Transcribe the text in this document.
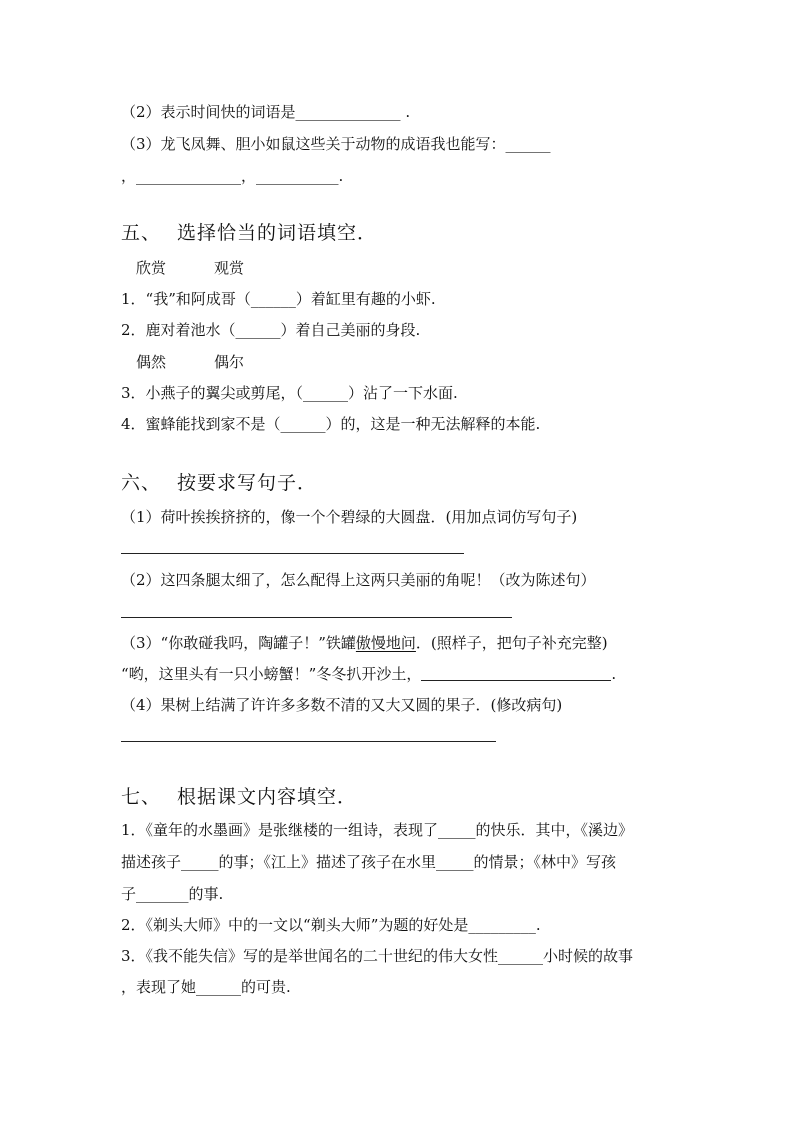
（2）表示时间快的词语是______________ .
（3）龙飞凤舞、胆小如鼠这些关于动物的成语我也能写：______
，______________，___________.
五、 选择恰当的词语填空．
欣赏	观赏
1．“我”和阿成哥（______）着缸里有趣的小虾.
2．鹿对着池水（______）着自己美丽的身段.
偶然	偶尔
3．小燕子的翼尖或剪尾，（______）沾了一下水面.
4．蜜蜂能找到家不是（______）的，这是一种无法解释的本能.
六、 按要求写句子．
（1）荷叶挨挨挤挤的，像一个个碧绿的大圆盘．(用加点词仿写句子)
（2）这四条腿太细了，怎么配得上这两只美丽的角呢！（改为陈述句）
（3）“你敢碰我吗，陶罐子！”铁罐傲慢地问．(照样子，把句子补充完整)
“哟，这里头有一只小螃蟹！”冬冬扒开沙土，	.
（4）果树上结满了许许多多数不清的又大又圆的果子．(修改病句)
七、 根据课文内容填空．
1．《童年的水墨画》是张继楼的一组诗，表现了_____的快乐．其中，《溪边》
描述孩子_____的事；《江上》描述了孩子在水里_____的情景；《林中》写孩
子_______的事.
2．《剃头大师》中的一文以“剃头大师”为题的好处是_________.
3．《我不能失信》写的是举世闻名的二十世纪的伟大女性______小时候的故事
，表现了她______的可贵.
